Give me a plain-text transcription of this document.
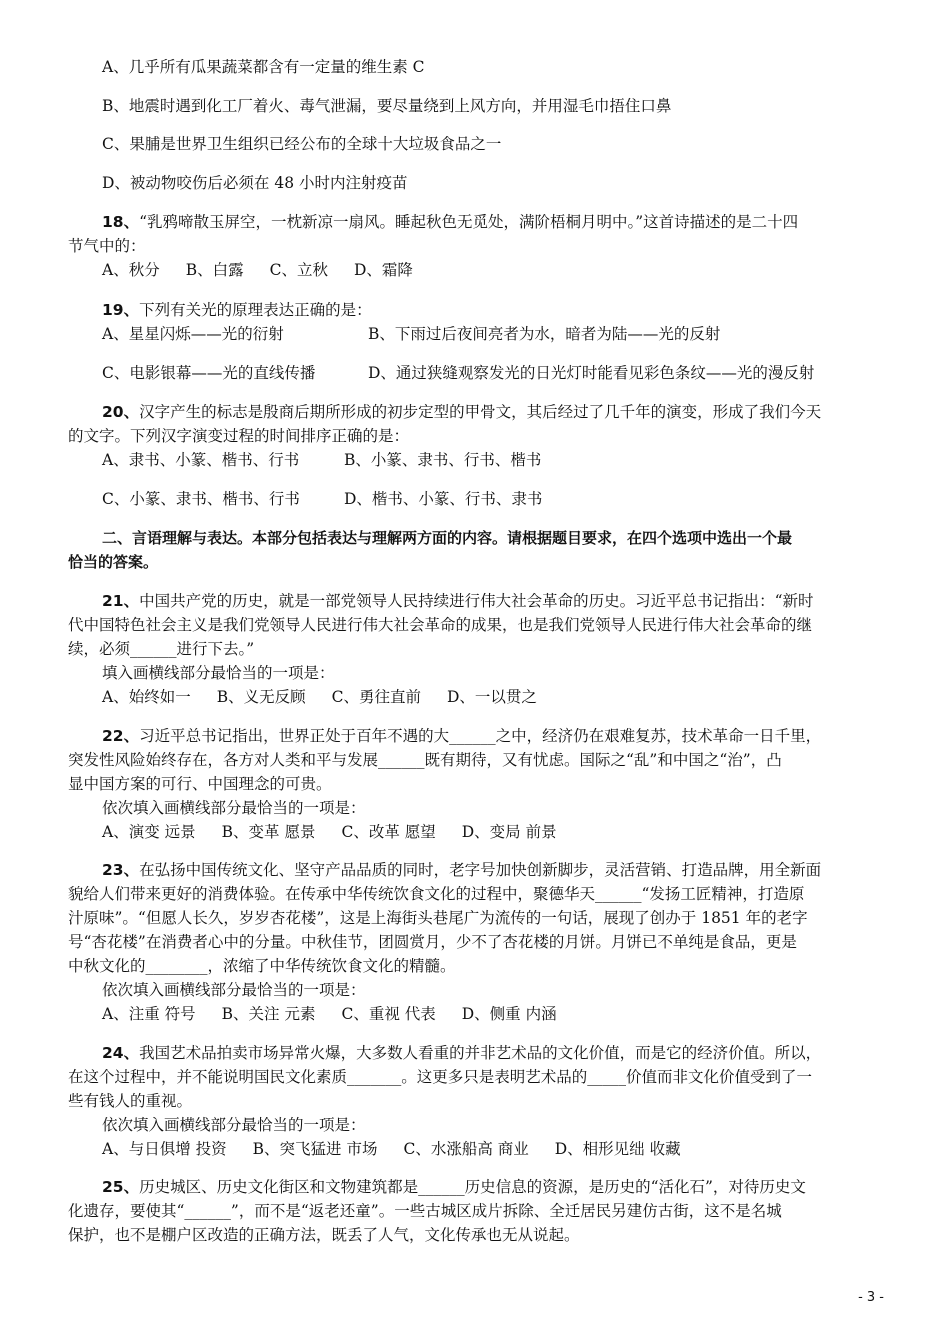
A、几乎所有瓜果蔬菜都含有一定量的维生素 C
B、地震时遇到化工厂着火、毒气泄漏，要尽量绕到上风方向，并用湿毛巾捂住口鼻
C、果脯是世界卫生组织已经公布的全球十大垃圾食品之一
D、被动物咬伤后必须在 48 小时内注射疫苗
18、“乳鸦啼散玉屏空，一枕新凉一扇风。睡起秋色无觅处，满阶梧桐月明中。”这首诗描述的是二十四
节气中的：
A、秋分 B、白露 C、立秋 D、霜降
19、下列有关光的原理表达正确的是：
A、星星闪烁——光的衍射	B、下雨过后夜间亮者为水，暗者为陆——光的反射
C、电影银幕——光的直线传播	D、通过狭缝观察发光的日光灯时能看见彩色条纹——光的漫反射
20、汉字产生的标志是殷商后期所形成的初步定型的甲骨文，其后经过了几千年的演变，形成了我们今天
的文字。下列汉字演变过程的时间排序正确的是：
A、隶书、小篆、楷书、行书	B、小篆、隶书、行书、楷书
C、小篆、隶书、楷书、行书	D、楷书、小篆、行书、隶书
二、言语理解与表达。本部分包括表达与理解两方面的内容。请根据题目要求，在四个选项中选出一个最
恰当的答案。
21、中国共产党的历史，就是一部党领导人民持续进行伟大社会革命的历史。习近平总书记指出：“新时
代中国特色社会主义是我们党领导人民进行伟大社会革命的成果，也是我们党领导人民进行伟大社会革命的继
续，必须______进行下去。”
填入画横线部分最恰当的一项是：
A、始终如一 B、义无反顾 C、勇往直前 D、一以贯之
22、习近平总书记指出，世界正处于百年不遇的大______之中，经济仍在艰难复苏，技术革命一日千里，
突发性风险始终存在，各方对人类和平与发展______既有期待，又有忧虑。国际之“乱”和中国之“治”，凸
显中国方案的可行、中国理念的可贵。
依次填入画横线部分最恰当的一项是：
A、演变 远景 B、变革 愿景 C、改革 愿望 D、变局 前景
23、在弘扬中国传统文化、坚守产品品质的同时，老字号加快创新脚步，灵活营销、打造品牌，用全新面
貌给人们带来更好的消费体验。在传承中华传统饮食文化的过程中，聚德华天______“发扬工匠精神，打造原
汁原味”。“但愿人长久，岁岁杏花楼”，这是上海街头巷尾广为流传的一句话，展现了创办于 1851 年的老字
号“杏花楼”在消费者心中的分量。中秋佳节，团圆赏月，少不了杏花楼的月饼。月饼已不单纯是食品，更是
中秋文化的________，浓缩了中华传统饮食文化的精髓。
依次填入画横线部分最恰当的一项是：
A、注重 符号 B、关注 元素 C、重视 代表 D、侧重 内涵
24、我国艺术品拍卖市场异常火爆，大多数人看重的并非艺术品的文化价值，而是它的经济价值。所以，
在这个过程中，并不能说明国民文化素质_______。这更多只是表明艺术品的_____价值而非文化价值受到了一
些有钱人的重视。
依次填入画横线部分最恰当的一项是：
A、与日俱增 投资 B、突飞猛进 市场 C、水涨船高 商业 D、相形见绌 收藏
25、历史城区、历史文化街区和文物建筑都是______历史信息的资源，是历史的“活化石”，对待历史文
化遗存，要使其“______”，而不是“返老还童”。一些古城区成片拆除、全迁居民另建仿古街，这不是名城
保护，也不是棚户区改造的正确方法，既丢了人气，文化传承也无从说起。
- 3 -
